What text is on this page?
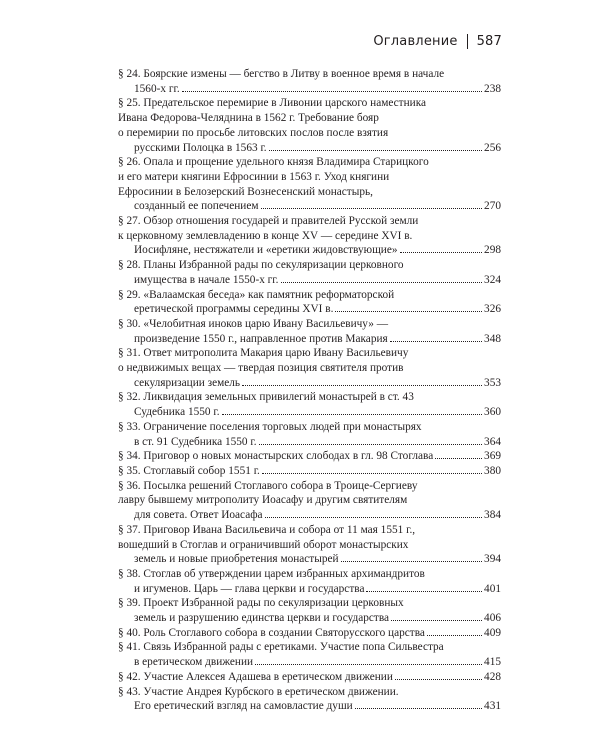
Оглавление 587
§ 24. Боярские измены — бегство в Литву в военное время в начале
1560-х гг.	238
§ 25. Предательское перемирие в Ливонии царского наместника
Ивана Федорова-Челяднина в 1562 г. Требование бояр
о перемирии по просьбе литовских послов после взятия
русскими Полоцка в 1563 г.	256
§ 26. Опала и прощение удельного князя Владимира Старицкого
и его матери княгини Ефросинии в 1563 г. Уход княгини
Ефросинии в Белозерский Вознесенский монастырь,
созданный ее попечением	270
§ 27. Обзор отношения государей и правителей Русской земли
к церковному землевладению в конце XV — середине XVI в.
Иосифляне, нестяжатели и «еретики жидовствующие»	298
§ 28. Планы Избранной рады по секуляризации церковного
имущества в начале 1550-х гг.	324
§ 29. «Валаамская беседа» как памятник реформаторской
еретической программы середины XVI в.	326
§ 30. «Челобитная иноков царю Ивану Васильевичу» —
произведение 1550 г., направленное против Макария	348
§ 31. Ответ митрополита Макария царю Ивану Васильевичу
о недвижимых вещах — твердая позиция святителя против
секуляризации земель	353
§ 32. Ликвидация земельных привилегий монастырей в ст. 43
Судебника 1550 г.	360
§ 33. Ограничение поселения торговых людей при монастырях
в ст. 91 Судебника 1550 г.	364
§ 34. Приговор о новых монастырских слободах в гл. 98 Стоглава	369
§ 35. Стоглавый собор 1551 г.	380
§ 36. Посылка решений Стоглавого собора в Троице-Сергиеву
лавру бывшему митрополиту Иоасафу и другим святителям
для совета. Ответ Иоасафа	384
§ 37. Приговор Ивана Васильевича и собора от 11 мая 1551 г.,
вошедший в Стоглав и ограничивший оборот монастырских
земель и новые приобретения монастырей	394
§ 38. Стоглав об утверждении царем избранных архимандритов
и игуменов. Царь — глава церкви и государства	401
§ 39. Проект Избранной рады по секуляризации церковных
земель и разрушению единства церкви и государства	406
§ 40. Роль Стоглавого собора в создании Святорусского царства	409
§ 41. Связь Избранной рады с еретиками. Участие попа Сильвестра
в еретическом движении	415
§ 42. Участие Алексея Адашева в еретическом движении	428
§ 43. Участие Андрея Курбского в еретическом движении.
Его еретический взгляд на самовластие души	431
